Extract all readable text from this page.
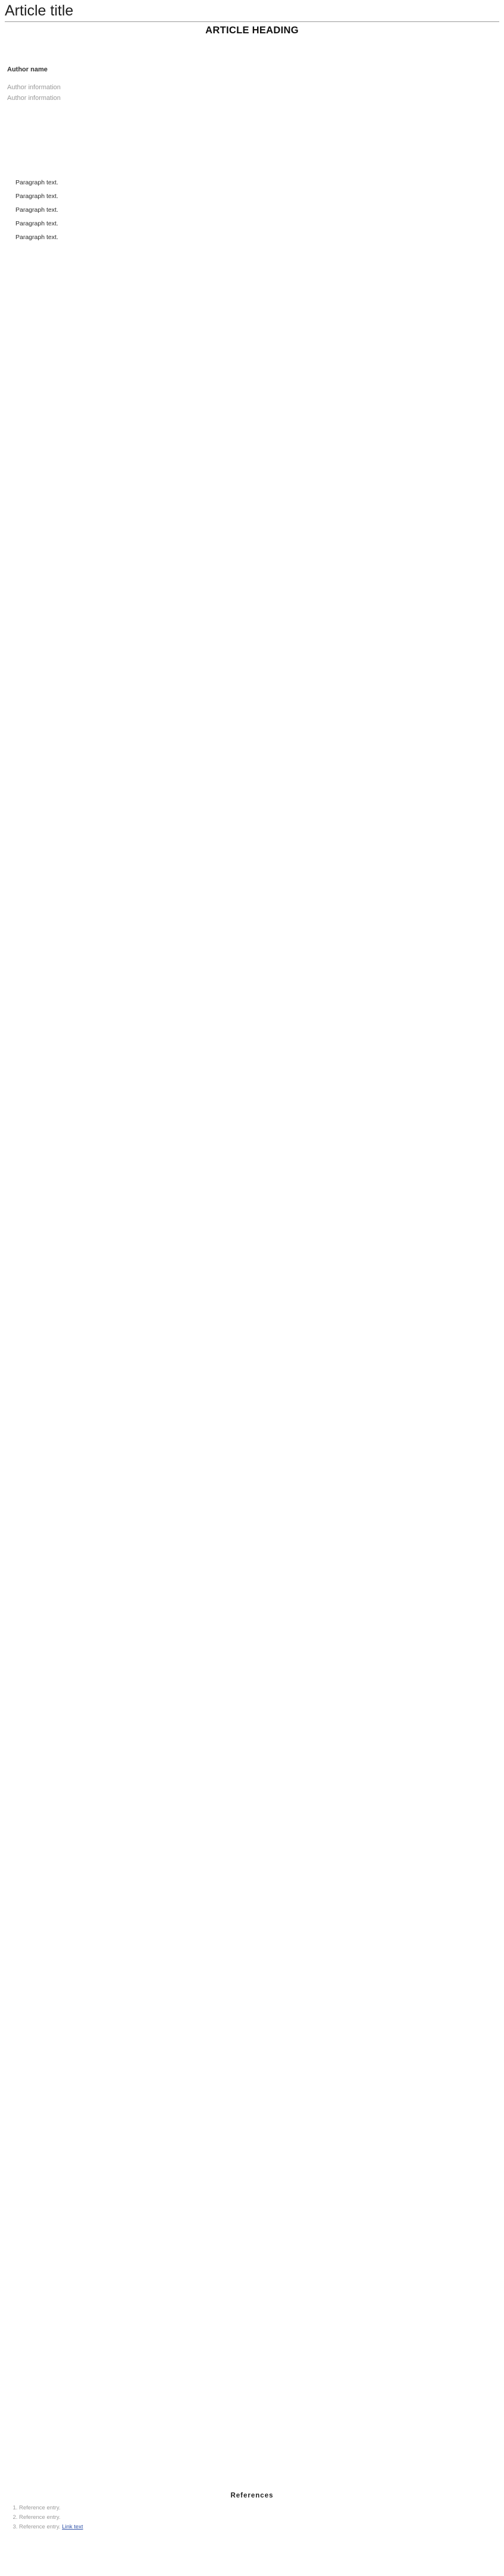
Article title
ARTICLE HEADING
Author name

Author information

Author information

Paragraph text.

Paragraph text.

Paragraph text.

Paragraph text.

Paragraph text.

References
1. Reference entry.
2. Reference entry.
3. Reference entry. Link text
